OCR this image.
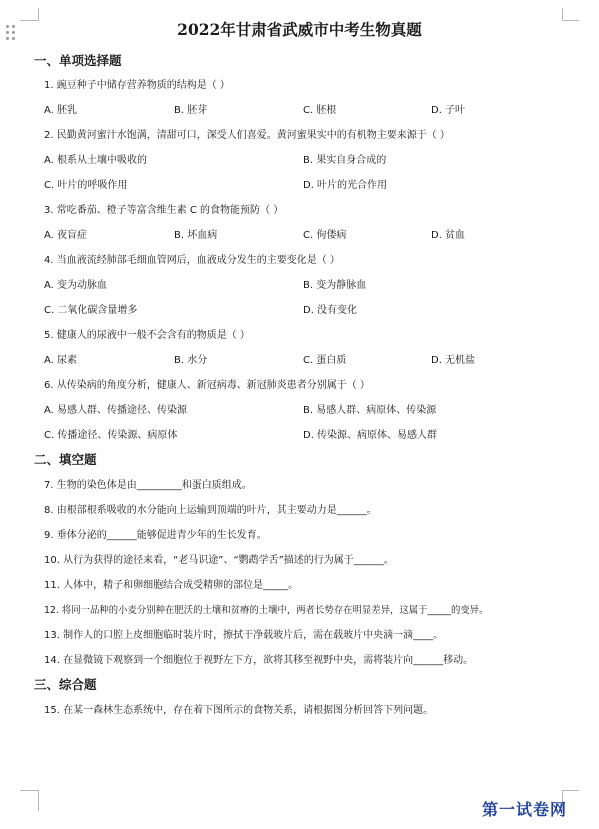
2022年甘肃省武威市中考生物真题
一、单项选择题
1. 豌豆种子中储存营养物质的结构是（ ）
A. 胚乳	B. 胚芽	C. 胚根	D. 子叶
2. 民勤黄河蜜汁水饱满，清甜可口，深受人们喜爱。黄河蜜果实中的有机物主要来源于（ ）
A. 根系从土壤中吸收的	B. 果实自身合成的
C. 叶片的呼吸作用	D. 叶片的光合作用
3. 常吃番茄、橙子等富含维生素 C 的食物能预防（ ）
A. 夜盲症	B. 坏血病	C. 佝偻病	D. 贫血
4. 当血液流经肺部毛细血管网后，血液成分发生的主要变化是（ ）
A. 变为动脉血	B. 变为静脉血
C. 二氧化碳含量增多	D. 没有变化
5. 健康人的尿液中一般不会含有的物质是（ ）
A. 尿素	B. 水分	C. 蛋白质	D. 无机盐
6. 从传染病的角度分析，健康人、新冠病毒、新冠肺炎患者分别属于（ ）
A. 易感人群、传播途径、传染源	B. 易感人群、病原体、传染源
C. 传播途径、传染源、病原体	D. 传染源、病原体、易感人群
二、填空题
7. 生物的染色体是由_________和蛋白质组成。
8. 由根部根系吸收的水分能向上运输到顶端的叶片，其主要动力是______。
9. 垂体分泌的______能够促进青少年的生长发育。
10. 从行为获得的途径来看，“老马识途”、“鹦鹉学舌”描述的行为属于______。
11. 人体中，精子和卵细胞结合成受精卵的部位是_____。
12. 将同一品种的小麦分别种在肥沃的土壤和贫瘠的土壤中，两者长势存在明显差异，这属于_____的变异。
13. 制作人的口腔上皮细胞临时装片时，擦拭干净载玻片后，需在载玻片中央滴一滴____。
14. 在显微镜下观察到一个细胞位于视野左下方，欲将其移至视野中央，需将装片向______移动。
三、综合题
15. 在某一森林生态系统中，存在着下图所示的食物关系，请根据图分析回答下列问题。
第一试卷网
